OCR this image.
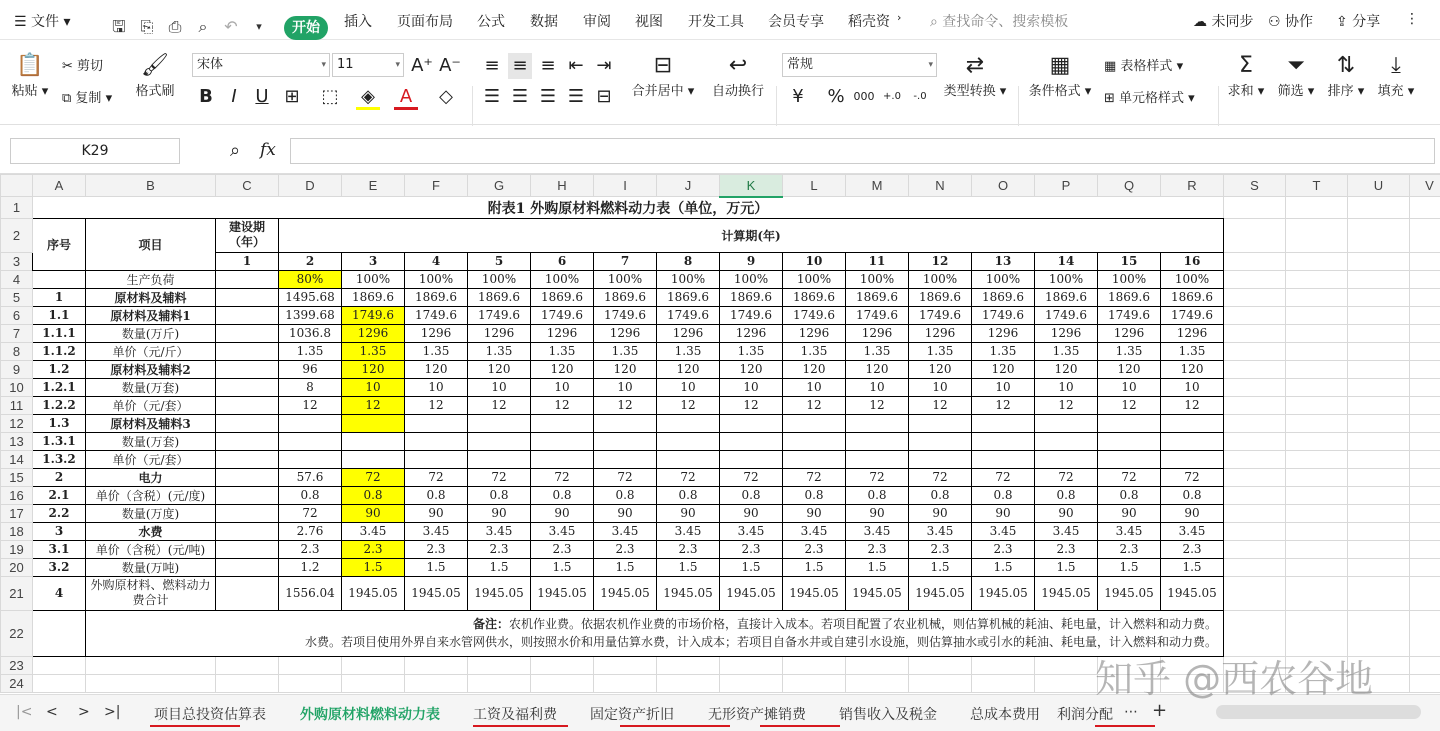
☰ 文件 ▾	🖫 ⎘ ⎙	⌕	↶	▾	开始	插入 页面布局 公式 数据 审阅 视图 开发工具 会员专享 稻壳资 › ⌕ 查找命令、搜索模板	☁ 未同步 ⚇ 协作 ⇪ 分享 ⋮
📋
粘贴 ▾
✂ 剪切
⧉ 复制 ▾
🖌
格式刷
宋体	▾ 11	▾ A⁺ A⁻
B	I	U ⊞ ⬚ ◈	A	◇
≡ ≡ ≡ ⇤ ⇥
☰ ☰ ☰ ☰ ⊟
⊟
合并居中 ▾
↩
自动换行
常规	▾
¥	% 000 +.0	-.0
⇄
类型转换 ▾
▦
条件格式 ▾
▦ 表格样式 ▾
⊞ 单元格样式 ▾
Σ
求和 ▾
⏷
筛选 ▾
⇅
排序 ▾
⤓
填充 ▾
K29	⌕ fx
	A	B	C	D	E	F	G	H	I	J	K	L	M	N	O	P	Q	R	S	T	U	V	
1	附表1 外购原材料燃料动力表（单位，万元）																						
2	序号	项目	建设期（年）	计算期(年)																			
3			1	2	3	4	5	6	7	8	9	10	11	12	13	14	15	16					
4		生产负荷		80%	100%	100%	100%	100%	100%	100%	100%	100%	100%	100%	100%	100%	100%	100%					
5	1	原材料及辅料		1495.68	1869.6	1869.6	1869.6	1869.6	1869.6	1869.6	1869.6	1869.6	1869.6	1869.6	1869.6	1869.6	1869.6	1869.6					
6	1.1	原材料及辅料1		1399.68	1749.6	1749.6	1749.6	1749.6	1749.6	1749.6	1749.6	1749.6	1749.6	1749.6	1749.6	1749.6	1749.6	1749.6					
7	1.1.1	数量(万斤)		1036.8	1296	1296	1296	1296	1296	1296	1296	1296	1296	1296	1296	1296	1296	1296					
8	1.1.2	单价（元/斤）		1.35	1.35	1.35	1.35	1.35	1.35	1.35	1.35	1.35	1.35	1.35	1.35	1.35	1.35	1.35					
9	1.2	原材料及辅料2		96	120	120	120	120	120	120	120	120	120	120	120	120	120	120					
10	1.2.1	数量(万套)		8	10	10	10	10	10	10	10	10	10	10	10	10	10	10					
11	1.2.2	单价（元/套）		12	12	12	12	12	12	12	12	12	12	12	12	12	12	12					
12	1.3	原材料及辅料3																					
13	1.3.1	数量(万套)																					
14	1.3.2	单价（元/套）																					
15	2	电力		57.6	72	72	72	72	72	72	72	72	72	72	72	72	72	72					
16	2.1	单价（含税）(元/度)		0.8	0.8	0.8	0.8	0.8	0.8	0.8	0.8	0.8	0.8	0.8	0.8	0.8	0.8	0.8					
17	2.2	数量(万度)		72	90	90	90	90	90	90	90	90	90	90	90	90	90	90					
18	3	水费		2.76	3.45	3.45	3.45	3.45	3.45	3.45	3.45	3.45	3.45	3.45	3.45	3.45	3.45	3.45					
19	3.1	单价（含税）(元/吨)		2.3	2.3	2.3	2.3	2.3	2.3	2.3	2.3	2.3	2.3	2.3	2.3	2.3	2.3	2.3					
20	3.2	数量(万吨)		1.2	1.5	1.5	1.5	1.5	1.5	1.5	1.5	1.5	1.5	1.5	1.5	1.5	1.5	1.5					
21	4	外购原材料、燃料动力费合计		1556.04	1945.05	1945.05	1945.05	1945.05	1945.05	1945.05	1945.05	1945.05	1945.05	1945.05	1945.05	1945.05	1945.05	1945.05					
22		备注：农机作业费。依据农机作业费的市场价格，直接计入成本。若项目配置了农业机械，则估算机械的耗油、耗电量，计入燃料和动力费。
水费。若项目使用外界自来水管网供水，则按照水价和用量估算水费，计入成本；若项目自备水井或自建引水设施，则估算抽水或引水的耗油、耗电量，计入燃料和动力费。																					

23																							
24																							
|< < > >| 项目总投资估算表 外购原材料燃料动力表 工资及福利费 固定资产折旧 无形资产摊销费 销售收入及税金 总成本费用 利润分配 ⋯ +
知乎 @西农谷地
